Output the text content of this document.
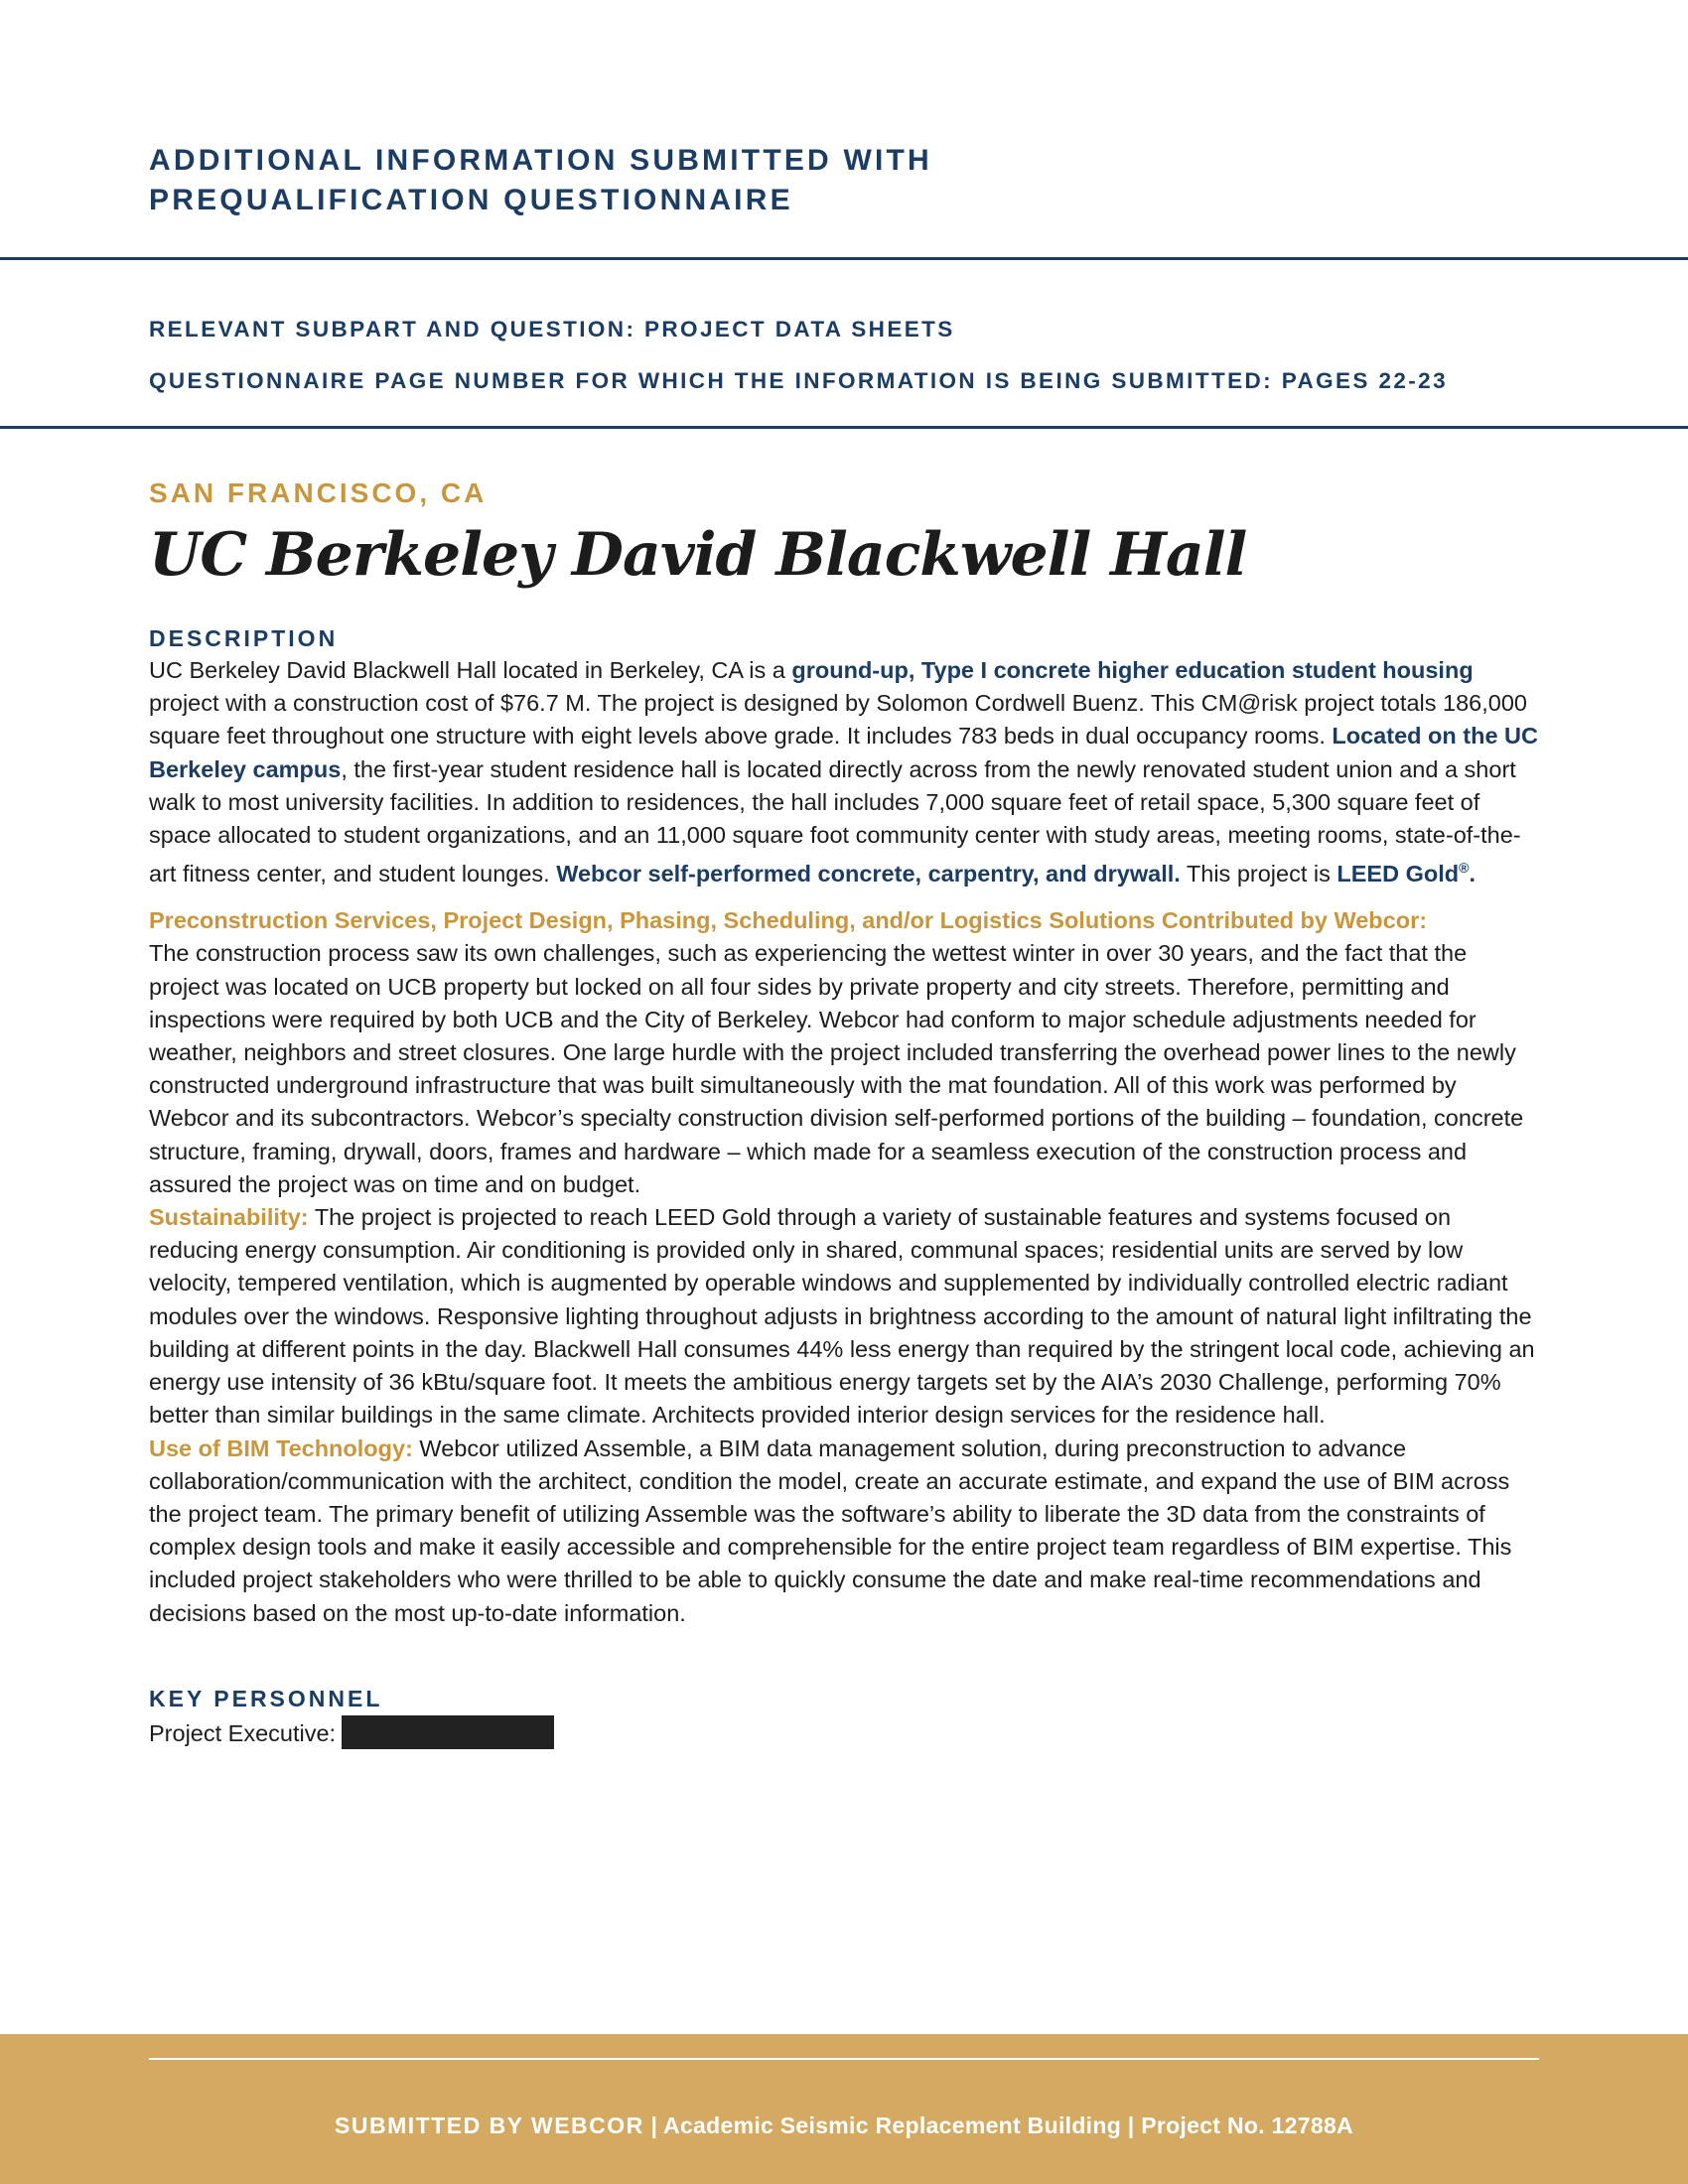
ADDITIONAL INFORMATION SUBMITTED WITH

PREQUALIFICATION QUESTIONNAIRE

RELEVANT SUBPART AND QUESTION: PROJECT DATA SHEETS

QUESTIONNAIRE PAGE NUMBER FOR WHICH THE INFORMATION IS BEING SUBMITTED: PAGES 22-23

SAN FRANCISCO, CA

UC Berkeley David Blackwell Hall

DESCRIPTION

UC Berkeley David Blackwell Hall located in Berkeley, CA is a ground-up, Type I concrete higher education student housing project with a construction cost of $76.7 M. The project is designed by Solomon Cordwell Buenz. This CM@risk project totals 186,000 square feet throughout one structure with eight levels above grade. It includes 783 beds in dual occupancy rooms. Located on the UC Berkeley campus, the first-year student residence hall is located directly across from the newly renovated student union and a short walk to most university facilities. In addition to residences, the hall includes 7,000 square feet of retail space, 5,300 square feet of space allocated to student organizations, and an 11,000 square foot community center with study areas, meeting rooms, state-of-the-art fitness center, and student lounges. Webcor self-performed concrete, carpentry, and drywall. This project is LEED Gold®.

Preconstruction Services, Project Design, Phasing, Scheduling, and/or Logistics Solutions Contributed by Webcor:
The construction process saw its own challenges, such as experiencing the wettest winter in over 30 years, and the fact that the project was located on UCB property but locked on all four sides by private property and city streets. Therefore, permitting and inspections were required by both UCB and the City of Berkeley. Webcor had conform to major schedule adjustments needed for weather, neighbors and street closures. One large hurdle with the project included transferring the overhead power lines to the newly constructed underground infrastructure that was built simultaneously with the mat foundation. All of this work was performed by Webcor and its subcontractors. Webcor’s specialty construction division self-performed portions of the building – foundation, concrete structure, framing, drywall, doors, frames and hardware – which made for a seamless execution of the construction process and assured the project was on time and on budget.
Sustainability: The project is projected to reach LEED Gold through a variety of sustainable features and systems focused on reducing energy consumption. Air conditioning is provided only in shared, communal spaces; residential units are served by low velocity, tempered ventilation, which is augmented by operable windows and supplemented by individually controlled electric radiant modules over the windows. Responsive lighting throughout adjusts in brightness according to the amount of natural light infiltrating the building at different points in the day. Blackwell Hall consumes 44% less energy than required by the stringent local code, achieving an energy use intensity of 36 kBtu/square foot. It meets the ambitious energy targets set by the AIA’s 2030 Challenge, performing 70% better than similar buildings in the same climate. Architects provided interior design services for the residence hall.
Use of BIM Technology: Webcor utilized Assemble, a BIM data management solution, during preconstruction to advance collaboration/communication with the architect, condition the model, create an accurate estimate, and expand the use of BIM across the project team. The primary benefit of utilizing Assemble was the software’s ability to liberate the 3D data from the constraints of complex design tools and make it easily accessible and comprehensible for the entire project team regardless of BIM expertise. This included project stakeholders who were thrilled to be able to quickly consume the date and make real-time recommendations and decisions based on the most up-to-date information.

KEY PERSONNEL

Project Executive:

SUBMITTED BY WEBCOR | Academic Seismic Replacement Building | Project No. 12788A
